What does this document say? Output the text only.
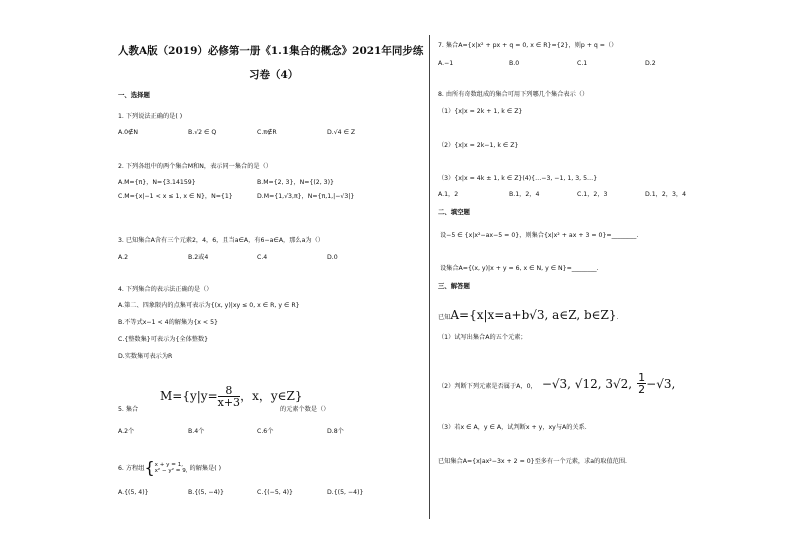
人教A版（2019）必修第一册《1.1集合的概念》2021年同步练
习卷（4）
一、选择题
1. 下列说法正确的是( )
A.0∉N	B.√2 ∈ Q	C.π∉R	D.√4 ∈ Z
2. 下列各组中的两个集合M和N，表示同一集合的是（）
A.M={π}，N={3.14159}	B.M={2, 3}，N={(2, 3)}
C.M={x|−1 < x ≤ 1, x ∈ N}，N={1}	D.M={1,√3,π}，N={π,1,|−√3|}
3. 已知集合A含有三个元素2，4，6，且当a∈A，有6−a∈A，那么a为（）
A.2	B.2或4	C.4	D.0
4. 下列集合的表示法正确的是（）
A.第二、四象限内的点集可表示为{(x, y)|xy ≤ 0, x ∈ R, y ∈ R}
B.不等式x−1 < 4的解集为{x < 5}
C.{整数集}可表示为{全体整数}
D.实数集可表示为R
$M=\{y|y= \frac{8}{x+3}$ ，x，y∈Z}
5. 集合	的元素个数是（）
A.2个	B.4个	C.6个	D.8个
6. 方程组{ x + y = 1,
x² − y² = 9, 的解集是( )
A.{(5, 4)}	B.{(5, −4)}	C.{(−5, 4)}	D.{(5, −4)}
7. 集合A={x|x² + px + q = 0, x ∈ R}={2}，则p + q =（）
A.−1	B.0	C.1	D.2
8. 由所有奇数组成的集合可用下列哪几个集合表示（）
（1）{x|x = 2k + 1, k ∈ Z}
（2）{x|x = 2k−1, k ∈ Z}
（3）{x|x = 4k ± 1, k ∈ Z}(4){…−3, −1, 1, 3, 5…}
A.1，2	B.1，2，4	C.1，2，3	D.1，2，3，4
二、填空题
设−5 ∈ {x|x²−ax−5 = 0}，则集合{x|x² + ax + 3 = 0}=________.
设集合A={(x, y)|x + y = 6, x ∈ N, y ∈ N}=________.
三、解答题
已知A={x|x=a+b√3, a∈Z, b∈Z}.
（1）试写出集合A的五个元素；
（2）判断下列元素是否属于A，0， −√3, √12, 3√2, $\frac{1}{2} -√3$,
（3）若x ∈ A，y ∈ A，试判断x + y，xy与A的关系.
已知集合A={x|ax²−3x + 2 = 0}至多有一个元素，求a的取值范围.
